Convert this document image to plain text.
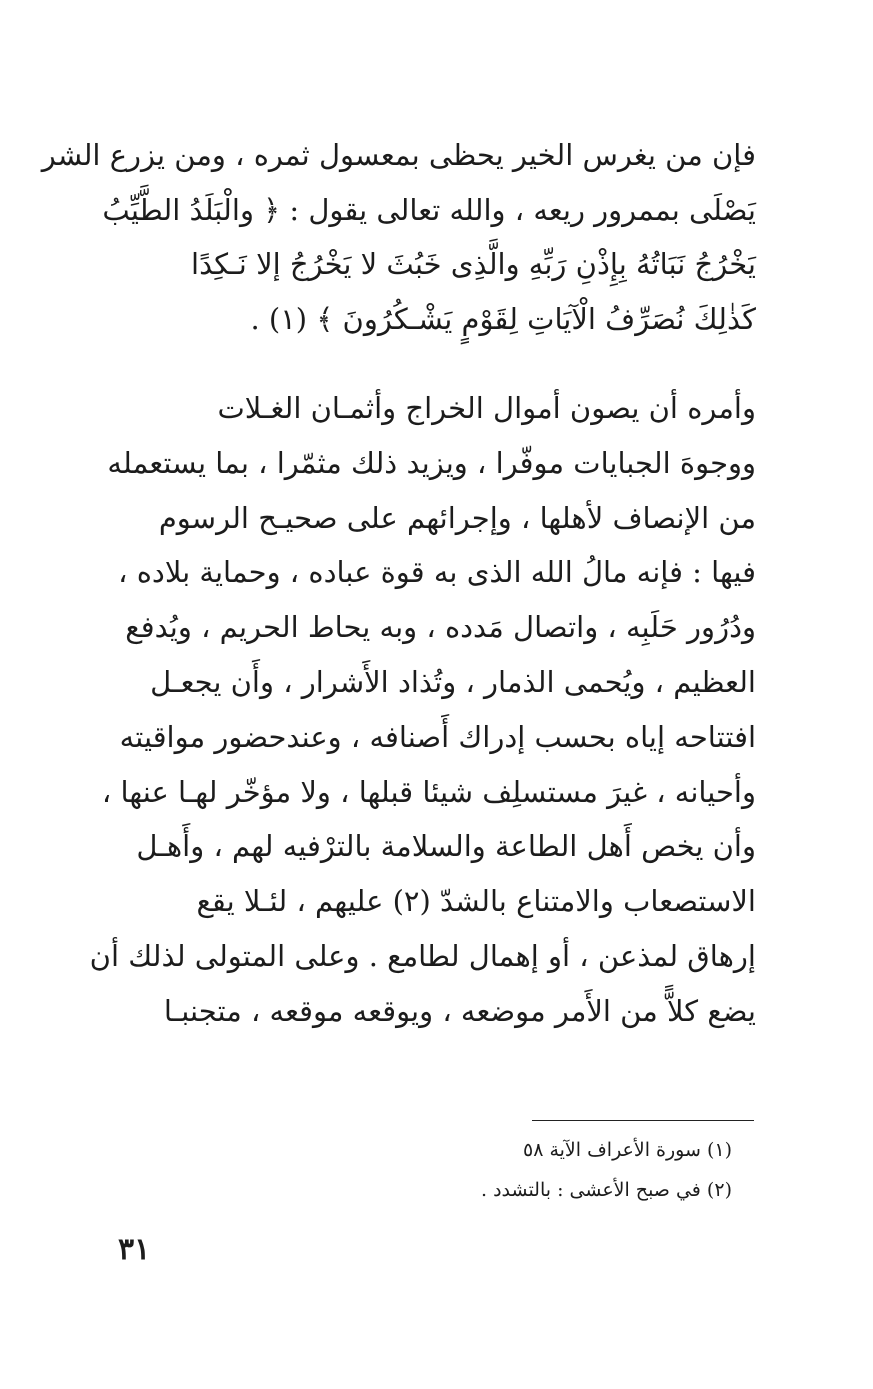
فإن من يغرس الخير يحظى بمعسول ثمره ، ومن يزرع الشر
يَصْلَى بممرور ريعه ، والله تعالى يقول : ﴿ والْبَلَدُ الطَّيِّبُ
يَخْرُجُ نَبَاتُهُ بِإِذْنِ رَبِّهِ والَّذِى خَبُثَ لا يَخْرُجُ إلا نَـكِدًا
كَذٰلِكَ نُصَرِّفُ الْآيَاتِ لِقَوْمٍ يَشْـكُرُونَ ﴾ (١) .
وأمره أن يصون أموال الخراج وأثمـان الغـلات
ووجوهَ الجبايات موفّرا ، ويزيد ذلك مثمّرا ، بما يستعمله
من الإنصاف لأهلها ، وإجرائهم على صحيـح الرسوم
فيها : فإنه مالُ الله الذى به قوة عباده ، وحماية بلاده ،
ودُرُور حَلَبِه ، واتصال مَدده ، وبه يحاط الحريم ، ويُدفع
العظيم ، ويُحمى الذمار ، وتُذاد الأَشرار ، وأَن يجعـل
افتتاحه إياه بحسب إدراك أَصنافه ، وعندحضور مواقيته
وأحيانه ، غيرَ مستسلِف شيئا قبلها ، ولا مؤخّر لهـا عنها ،
وأن يخص أَهل الطاعة والسلامة بالترْفيه لهم ، وأَهـل
الاستصعاب والامتناع بالشدّ (٢) عليهم ، لئـلا يقع
إرهاق لمذعن ، أو إهمال لطامع . وعلى المتولى لذلك أن
يضع كلاًّ من الأَمر موضعه ، ويوقعه موقعه ، متجنبـا
(١) سورة الأعراف الآية ٥٨
(٢) في صبح الأعشى : بالتشدد .
٣١
